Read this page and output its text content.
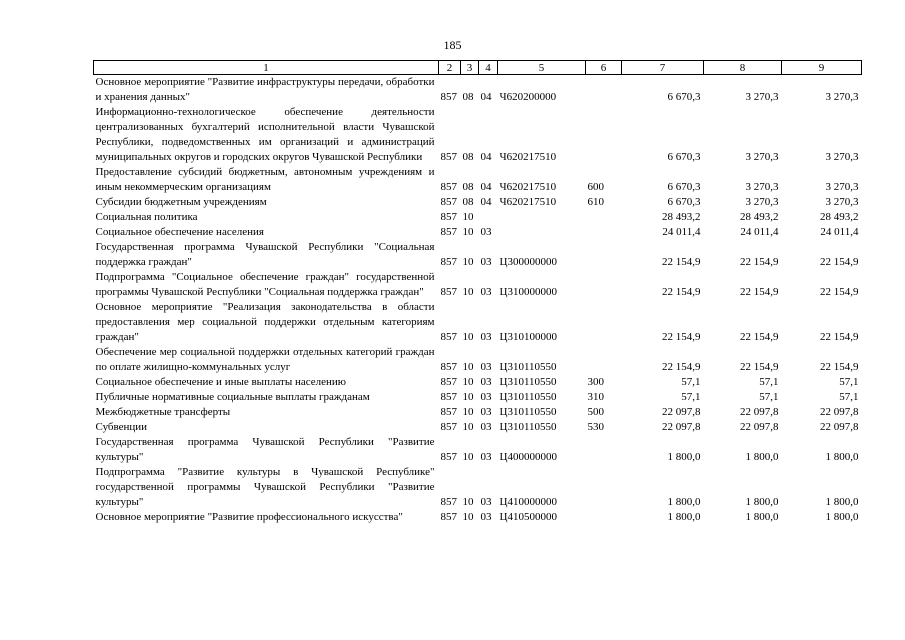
185
1	2	3	4	5	6	7	8	9
Основное мероприятие "Развитие инфраструктуры передачи, обработки и хранения данных"	857	08	04	Ч620200000		6 670,3	3 270,3	3 270,3
Информационно-технологическое обеспечение деятельности централизованных бухгалтерий исполнительной власти Чувашской Республики, подведомственных им организаций и администраций муниципальных округов и городских округов Чувашской Республики	857	08	04	Ч620217510		6 670,3	3 270,3	3 270,3
Предоставление субсидий бюджетным, автономным учреждениям и иным некоммерческим организациям	857	08	04	Ч620217510	600	6 670,3	3 270,3	3 270,3
Субсидии бюджетным учреждениям	857	08	04	Ч620217510	610	6 670,3	3 270,3	3 270,3
Социальная политика	857	10				28 493,2	28 493,2	28 493,2
Социальное обеспечение населения	857	10	03			24 011,4	24 011,4	24 011,4
Государственная программа Чувашской Республики "Социальная поддержка граждан"	857	10	03	Ц300000000		22 154,9	22 154,9	22 154,9
Подпрограмма "Социальное обеспечение граждан" государственной программы Чувашской Республики "Социальная поддержка граждан"	857	10	03	Ц310000000		22 154,9	22 154,9	22 154,9
Основное мероприятие "Реализация законодательства в области предоставления мер социальной поддержки отдельным категориям граждан"	857	10	03	Ц310100000		22 154,9	22 154,9	22 154,9
Обеспечение мер социальной поддержки отдельных категорий граждан по оплате жилищно-коммунальных услуг	857	10	03	Ц310110550		22 154,9	22 154,9	22 154,9
Социальное обеспечение и иные выплаты населению	857	10	03	Ц310110550	300	57,1	57,1	57,1
Публичные нормативные социальные выплаты гражданам	857	10	03	Ц310110550	310	57,1	57,1	57,1
Межбюджетные трансферты	857	10	03	Ц310110550	500	22 097,8	22 097,8	22 097,8
Субвенции	857	10	03	Ц310110550	530	22 097,8	22 097,8	22 097,8
Государственная программа Чувашской Республики "Развитие культуры"	857	10	03	Ц400000000		1 800,0	1 800,0	1 800,0
Подпрограмма "Развитие культуры в Чувашской Республике" государственной программы Чувашской Республики "Развитие культуры"	857	10	03	Ц410000000		1 800,0	1 800,0	1 800,0
Основное мероприятие "Развитие профессионального искусства"	857	10	03	Ц410500000		1 800,0	1 800,0	1 800,0
